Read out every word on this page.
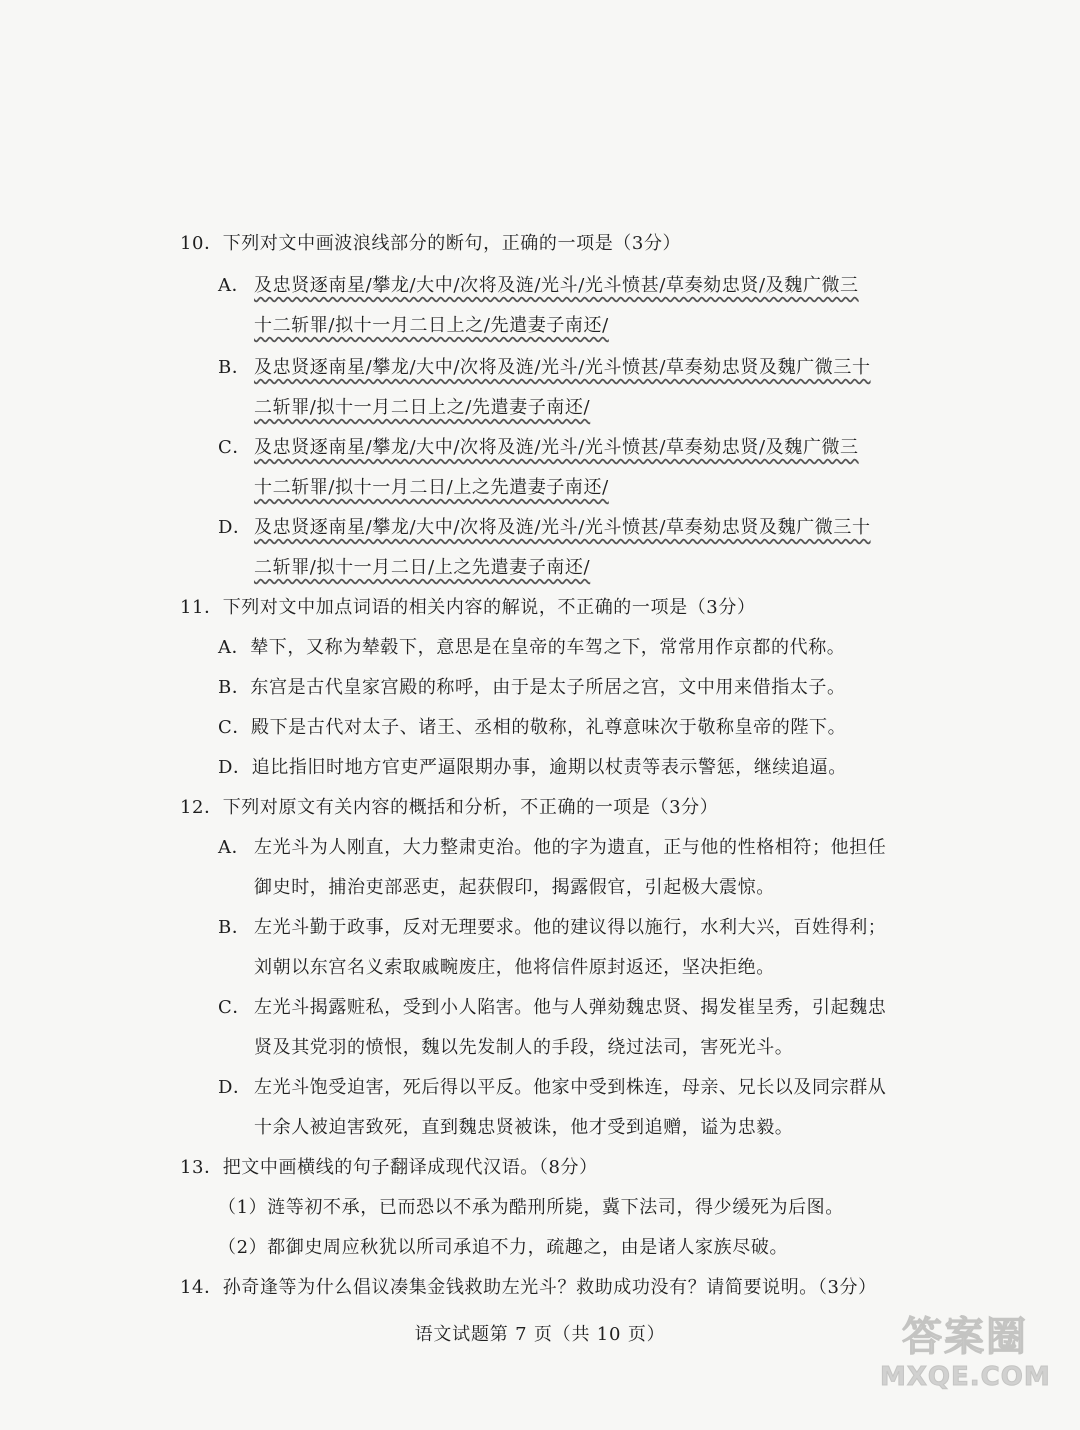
10．下列对文中画波浪线部分的断句，正确的一项是（3分）
A． 及忠贤逐南星/攀龙/大中/次将及涟/光斗/光斗愤甚/草奏劾忠贤/及魏广微三
十二斩罪/拟十一月二日上之/先遣妻子南还/
B． 及忠贤逐南星/攀龙/大中/次将及涟/光斗/光斗愤甚/草奏劾忠贤及魏广微三十
二斩罪/拟十一月二日上之/先遣妻子南还/
C． 及忠贤逐南星/攀龙/大中/次将及涟/光斗/光斗愤甚/草奏劾忠贤/及魏广微三
十二斩罪/拟十一月二日/上之先遣妻子南还/
D． 及忠贤逐南星/攀龙/大中/次将及涟/光斗/光斗愤甚/草奏劾忠贤及魏广微三十
二斩罪/拟十一月二日/上之先遣妻子南还/
11．下列对文中加点词语的相关内容的解说，不正确的一项是（3分）
A．辇下，又称为辇毂下，意思是在皇帝的车驾之下，常常用作京都的代称。
B．东宫是古代皇家宫殿的称呼，由于是太子所居之宫，文中用来借指太子。
C．殿下是古代对太子、诸王、丞相的敬称，礼尊意味次于敬称皇帝的陛下。
D．追比指旧时地方官吏严逼限期办事，逾期以杖责等表示警惩，继续追逼。
12．下列对原文有关内容的概括和分析，不正确的一项是（3分）
A． 左光斗为人刚直，大力整肃吏治。他的字为遗直，正与他的性格相符；他担任
御史时，捕治吏部恶吏，起获假印，揭露假官，引起极大震惊。
B． 左光斗勤于政事，反对无理要求。他的建议得以施行，水利大兴，百姓得利；
刘朝以东宫名义索取戚畹废庄，他将信件原封返还，坚决拒绝。
C． 左光斗揭露赃私，受到小人陷害。他与人弹劾魏忠贤、揭发崔呈秀，引起魏忠
贤及其党羽的愤恨，魏以先发制人的手段，绕过法司，害死光斗。
D． 左光斗饱受迫害，死后得以平反。他家中受到株连，母亲、兄长以及同宗群从
十余人被迫害致死，直到魏忠贤被诛，他才受到追赠，谥为忠毅。
13．把文中画横线的句子翻译成现代汉语。（8分）
（1）涟等初不承，已而恐以不承为酷刑所毙，冀下法司，得少缓死为后图。
（2）都御史周应秋犹以所司承追不力，疏趣之，由是诸人家族尽破。
14．孙奇逢等为什么倡议凑集金钱救助左光斗？救助成功没有？请简要说明。（3分）
语文试题第 7 页（共 10 页）	答案圈
MXQE.COM
